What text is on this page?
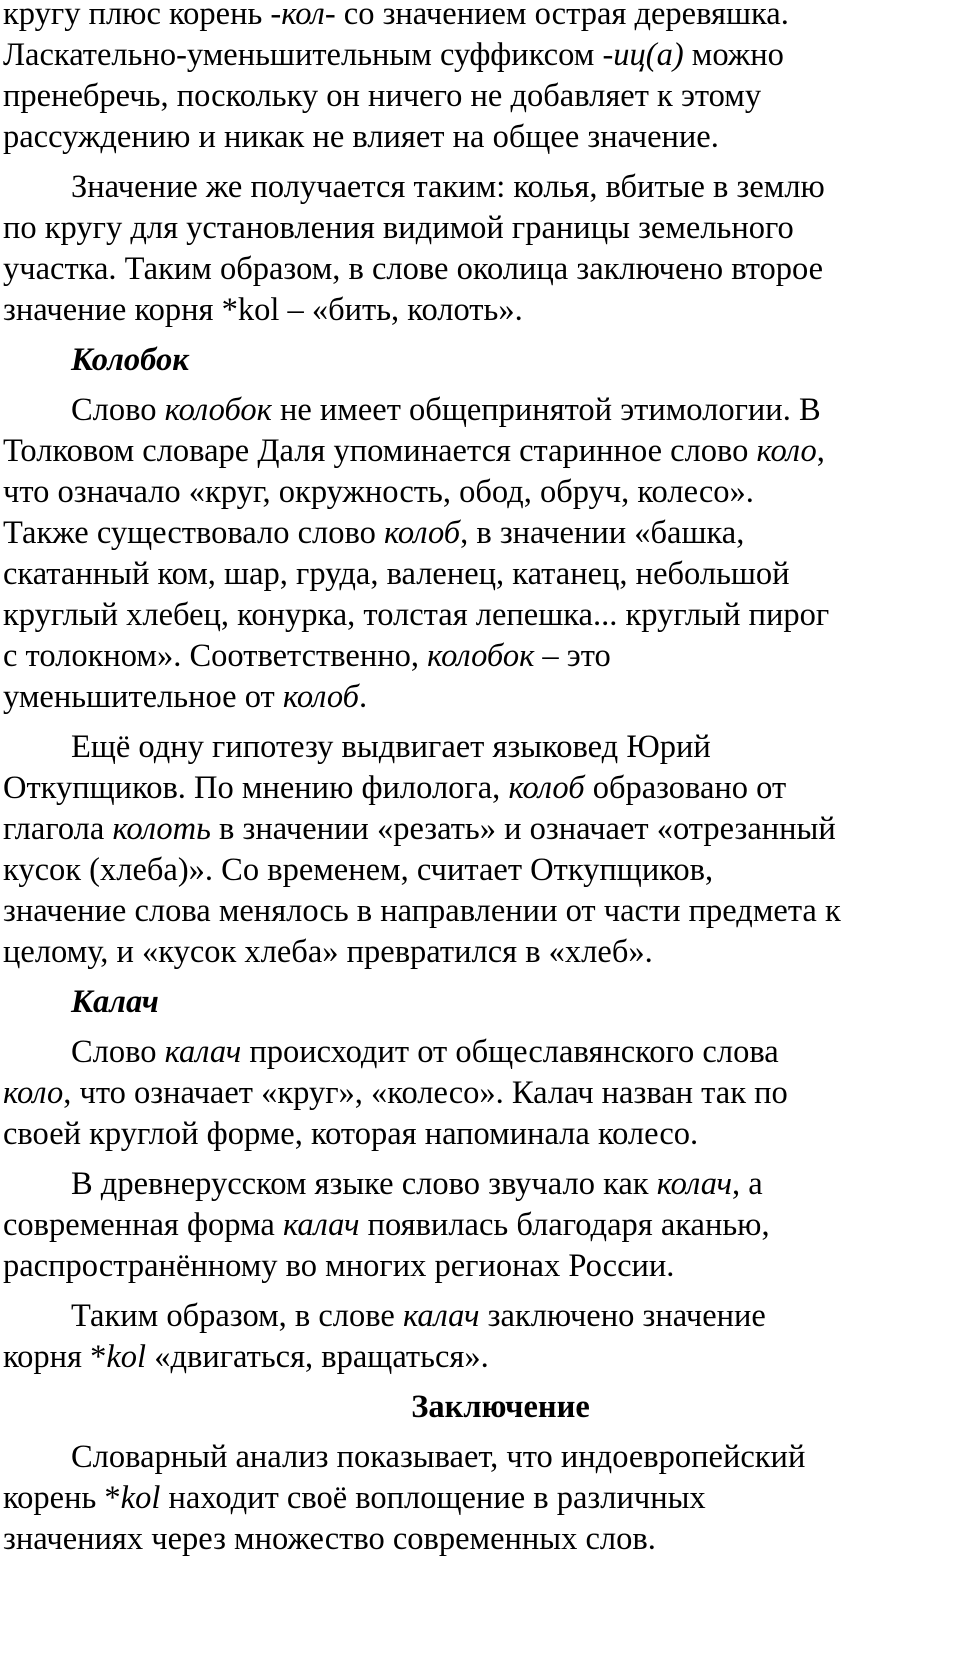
кругу плюс корень -кол- со значением острая деревяшка.
Ласкательно-уменьшительным суффиксом -иц(а) можно
пренебречь, поскольку он ничего не добавляет к этому
рассуждению и никак не влияет на общее значение.

Значение же получается таким: колья, вбитые в землю
по кругу для установления видимой границы земельного
участка. Таким образом, в слове околица заключено второе
значение корня *kol – «бить, колоть».

Колобок

Слово колобок не имеет общепринятой этимологии. В
Толковом словаре Даля упоминается старинное слово коло,
что означало «круг, окружность, обод, обруч, колесо».
Также существовало слово колоб, в значении «башка,
скатанный ком, шар, груда, валенец, катанец, небольшой
круглый хлебец, конурка, толстая лепешка... круглый пирог
с толокном». Соответственно, колобок – это
уменьшительное от колоб.

Ещё одну гипотезу выдвигает языковед Юрий
Откупщиков. По мнению филолога, колоб образовано от
глагола колоть в значении «резать» и означает «отрезанный
кусок (хлеба)». Со временем, считает Откупщиков,
значение слова менялось в направлении от части предмета к
целому, и «кусок хлеба» превратился в «хлеб».

Калач

Слово калач происходит от общеславянского слова
коло, что означает «круг», «колесо». Калач назван так по
своей круглой форме, которая напоминала колесо.

В древнерусском языке слово звучало как колач, а
современная форма калач появилась благодаря аканью,
распространённому во многих регионах России.

Таким образом, в слове калач заключено значение
корня *kol «двигаться, вращаться».

Заключение

Словарный анализ показывает, что индоевропейский
корень *kol находит своё воплощение в различных
значениях через множество современных слов.
